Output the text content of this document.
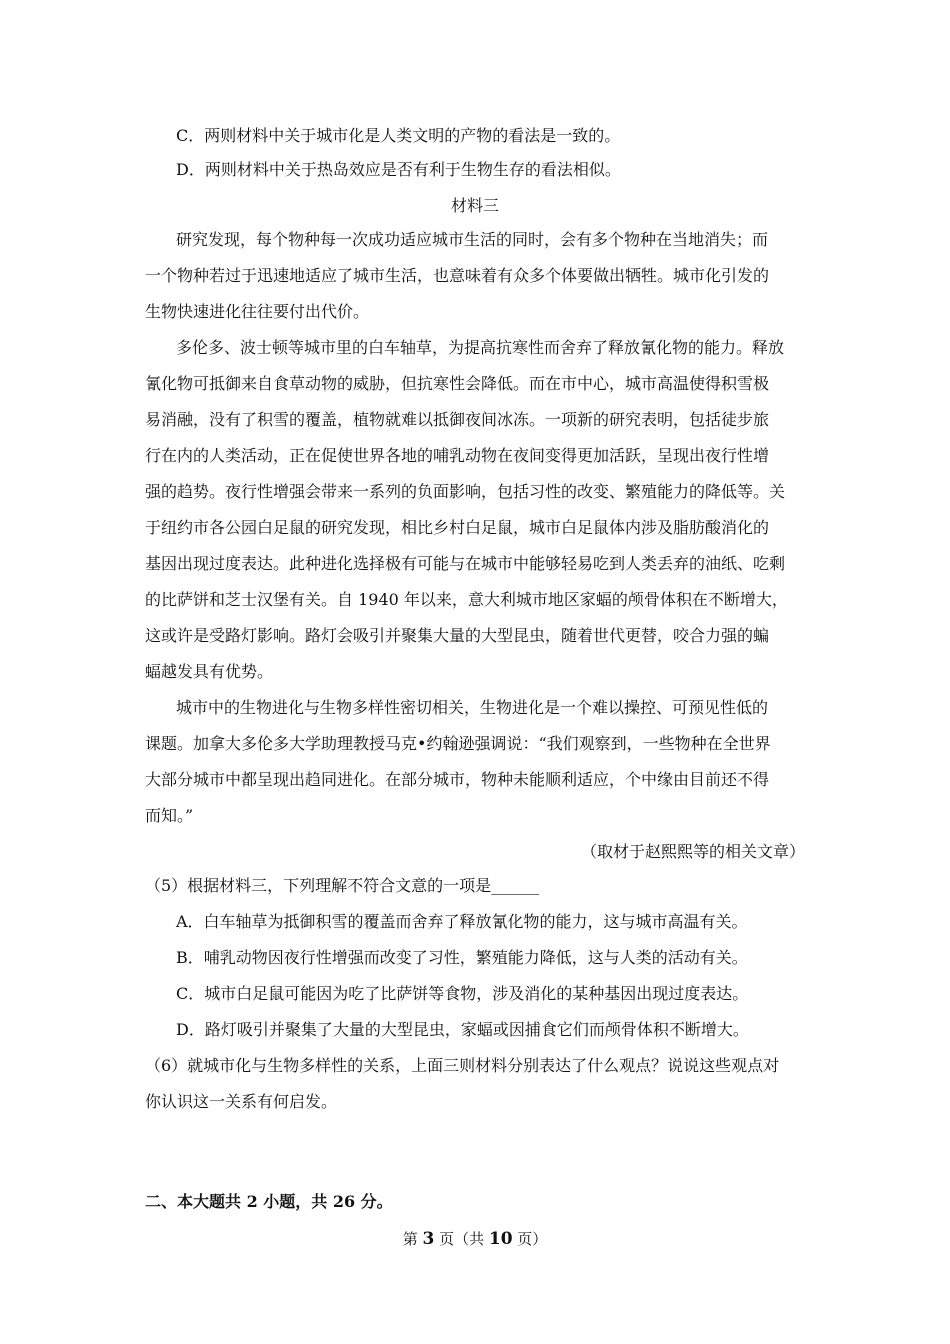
C．两则材料中关于城市化是人类文明的产物的看法是一致的。
D．两则材料中关于热岛效应是否有利于生物生存的看法相似。
材料三
研究发现，每个物种每一次成功适应城市生活的同时，会有多个物种在当地消失；而
一个物种若过于迅速地适应了城市生活，也意味着有众多个体要做出牺牲。城市化引发的
生物快速进化往往要付出代价。
多伦多、波士顿等城市里的白车轴草，为提高抗寒性而舍弃了释放氰化物的能力。释放
氰化物可抵御来自食草动物的威胁，但抗寒性会降低。而在市中心，城市高温使得积雪极
易消融，没有了积雪的覆盖，植物就难以抵御夜间冰冻。一项新的研究表明，包括徒步旅
行在内的人类活动，正在促使世界各地的哺乳动物在夜间变得更加活跃，呈现出夜行性增
强的趋势。夜行性增强会带来一系列的负面影响，包括习性的改变、繁殖能力的降低等。关
于纽约市各公园白足鼠的研究发现，相比乡村白足鼠，城市白足鼠体内涉及脂肪酸消化的
基因出现过度表达。此种进化选择极有可能与在城市中能够轻易吃到人类丢弃的油纸、吃剩
的比萨饼和芝士汉堡有关。自 1940 年以来，意大利城市地区家蝠的颅骨体积在不断增大，
这或许是受路灯影响。路灯会吸引并聚集大量的大型昆虫，随着世代更替，咬合力强的蝙
蝠越发具有优势。
城市中的生物进化与生物多样性密切相关，生物进化是一个难以操控、可预见性低的
课题。加拿大多伦多大学助理教授马克•约翰逊强调说：“我们观察到，一些物种在全世界
大部分城市中都呈现出趋同进化。在部分城市，物种未能顺利适应，个中缘由目前还不得
而知。”
（取材于赵熙熙等的相关文章）
（5）根据材料三，下列理解不符合文意的一项是______
A．白车轴草为抵御积雪的覆盖而舍弃了释放氰化物的能力，这与城市高温有关。
B．哺乳动物因夜行性增强而改变了习性，繁殖能力降低，这与人类的活动有关。
C．城市白足鼠可能因为吃了比萨饼等食物，涉及消化的某种基因出现过度表达。
D．路灯吸引并聚集了大量的大型昆虫，家蝠或因捕食它们而颅骨体积不断增大。
（6）就城市化与生物多样性的关系，上面三则材料分别表达了什么观点？说说这些观点对
你认识这一关系有何启发。
二、本大题共 2 小题，共 26 分。
第 3 页（共 10 页）
